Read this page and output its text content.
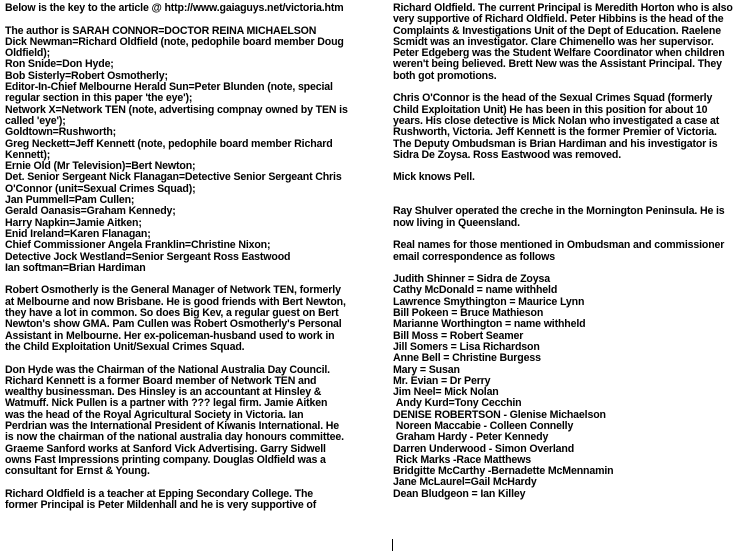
Below is the key to the article @ http://www.gaiaguys.net/victoria.htm
The author is SARAH CONNOR=DOCTOR REINA MICHAELSON
Dick Newman=Richard Oldfield (note, pedophile board member Doug
Oldfield);
Ron Snide=Don Hyde;
Bob Sisterly=Robert Osmotherly;
Editor-In-Chief Melbourne Herald Sun=Peter Blunden (note, special
regular section in this paper 'the eye');
Network X=Network TEN (note, advertising compnay owned by TEN is
called 'eye');
Goldtown=Rushworth;
Greg Neckett=Jeff Kennett (note, pedophile board member Richard
Kennett);
Ernie Old (Mr Television)=Bert Newton;
Det. Senior Sergeant Nick Flanagan=Detective Senior Sergeant Chris
O'Connor (unit=Sexual Crimes Squad);
Jan Pummell=Pam Cullen;
Gerald Oanasis=Graham Kennedy;
Harry Napkin=Jamie Aitken;
Enid Ireland=Karen Flanagan;
Chief Commissioner Angela Franklin=Christine Nixon;
Detective Jock Westland=Senior Sergeant Ross Eastwood
Ian softman=Brian Hardiman
Robert Osmotherly is the General Manager of Network TEN, formerly
at Melbourne and now Brisbane. He is good friends with Bert Newton,
they have a lot in common. So does Big Kev, a regular guest on Bert
Newton's show GMA. Pam Cullen was Robert Osmotherly's Personal
Assistant in Melbourne. Her ex-policeman-husband used to work in
the Child Exploitation Unit/Sexual Crimes Squad.
Don Hyde was the Chairman of the National Australia Day Council.
Richard Kennett is a former Board member of Network TEN and
wealthy businessman. Des Hinsley is an accountant at Hinsley &
Watmuff. Nick Pullen is a partner with ??? legal firm. Jamie Aitken
was the head of the Royal Agricultural Society in Victoria. Ian
Perdrian was the International President of Kiwanis International. He
is now the chairman of the national australia day honours committee.
Graeme Sanford works at Sanford Vick Advertising. Garry Sidwell
owns Fast Impressions printing company. Douglas Oldfield was a
consultant for Ernst & Young.
Richard Oldfield is a teacher at Epping Secondary College. The
former Principal is Peter Mildenhall and he is very supportive of
Richard Oldfield. The current Principal is Meredith Horton who is also
very supportive of Richard Oldfield. Peter Hibbins is the head of the
Complaints & Investigations Unit of the Dept of Education. Raelene
Scmidt was an investigator. Clare Chimenello was her supervisor.
Peter Edgeberg was the Student Welfare Coordinator when children
weren't being believed. Brett New was the Assistant Principal. They
both got promotions.
Chris O'Connor is the head of the Sexual Crimes Squad (formerly
Child Exploitation Unit) He has been in this position for about 10
years. His close detective is Mick Nolan who investigated a case at
Rushworth, Victoria. Jeff Kennett is the former Premier of Victoria.
The Deputy Ombudsman is Brian Hardiman and his investigator is
Sidra De Zoysa. Ross Eastwood was removed.
Mick knows Pell.
Ray Shulver operated the creche in the Mornington Peninsula. He is
now living in Queensland.
Real names for those mentioned in Ombudsman and commissioner
email correspondence as follows
Judith Shinner = Sidra de Zoysa
Cathy McDonald = name withheld
Lawrence Smythington = Maurice Lynn
Bill Pokeen = Bruce Mathieson
Marianne Worthington = name withheld
Bill Moss = Robert Seamer
Jill Somers = Lisa Richardson
Anne Bell = Christine Burgess
Mary = Susan
Mr. Evian = Dr Perry
Jim Neel= Mick Nolan
Andy Kurd=Tony Cecchin
DENISE ROBERTSON - Glenise Michaelson
Noreen Maccabie - Colleen Connelly
Graham Hardy - Peter Kennedy
Darren Underwood - Simon Overland
Rick Marks -Race Matthews
Bridgitte McCarthy -Bernadette McMennamin
Jane McLaurel=Gail McHardy
Dean Bludgeon = Ian Killey
